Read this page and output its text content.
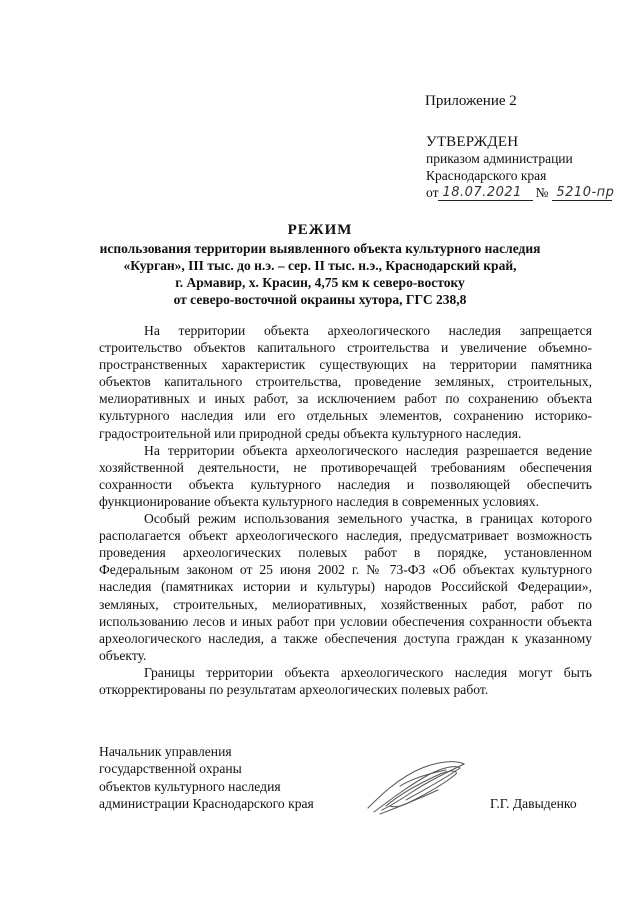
Приложение 2
УТВЕРЖДЕН
приказом администрации
Краснодарского края
от 18.07.2021 № 5210-пр
РЕЖИМ
использования территории выявленного объекта культурного наследия
«Курган», III тыс. до н.э. – сер. II тыс. н.э., Краснодарский край,
г. Армавир, х. Красин, 4,75 км к северо-востоку
от северо-восточной окраины хутора, ГГС 238,8

На территории объекта археологического наследия запрещается строительство объектов капитального строительства и увеличение объемно-пространственных характеристик существующих на территории памятника объектов капитального строительства, проведение земляных, строительных, мелиоративных и иных работ, за исключением работ по сохранению объекта культурного наследия или его отдельных элементов, сохранению историко-градостроительной или природной среды объекта культурного наследия.

На территории объекта археологического наследия разрешается ведение хозяйственной деятельности, не противоречащей требованиям обеспечения сохранности объекта культурного наследия и позволяющей обеспечить функционирование объекта культурного наследия в современных условиях.

Особый режим использования земельного участка, в границах которого располагается объект археологического наследия, предусматривает возможность проведения археологических полевых работ в порядке, установленном Федеральным законом от 25 июня 2002 г. № 73-ФЗ «Об объектах культурного наследия (памятниках истории и культуры) народов Российской Федерации», земляных, строительных, мелиоративных, хозяйственных работ, работ по использованию лесов и иных работ при условии обеспечения сохранности объекта археологического наследия, а также обеспечения доступа граждан к указанному объекту.

Границы территории объекта археологического наследия могут быть откорректированы по результатам археологических полевых работ.

Начальник управления
государственной охраны
объектов культурного наследия
администрации Краснодарского края	Г.Г. Давыденко
